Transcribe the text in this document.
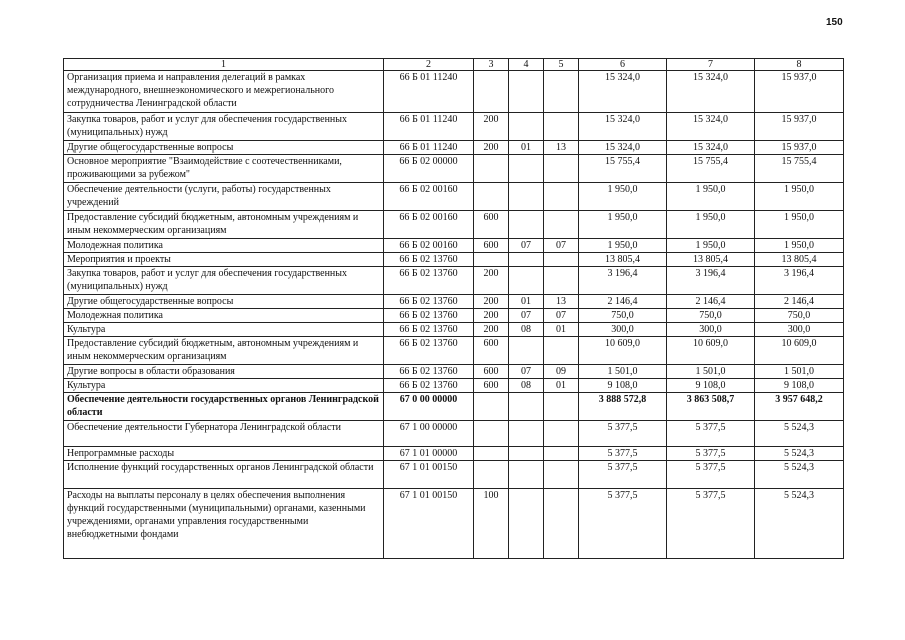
150
1	2	3	4	5	6	7	8
Организация приема и направления делегаций в рамках международного, внешнеэкономического и межрегионального сотрудничества Ленинградской области	66 Б 01 11240				15 324,0	15 324,0	15 937,0
Закупка товаров, работ и услуг для обеспечения государственных (муниципальных) нужд	66 Б 01 11240	200			15 324,0	15 324,0	15 937,0
Другие общегосударственные вопросы	66 Б 01 11240	200	01	13	15 324,0	15 324,0	15 937,0
Основное мероприятие "Взаимодействие с соотечественниками, проживающими за рубежом"	66 Б 02 00000				15 755,4	15 755,4	15 755,4
Обеспечение деятельности (услуги, работы) государственных учреждений	66 Б 02 00160				1 950,0	1 950,0	1 950,0
Предоставление субсидий бюджетным, автономным учреждениям и иным некоммерческим организациям	66 Б 02 00160	600			1 950,0	1 950,0	1 950,0
Молодежная политика	66 Б 02 00160	600	07	07	1 950,0	1 950,0	1 950,0
Мероприятия и проекты	66 Б 02 13760				13 805,4	13 805,4	13 805,4
Закупка товаров, работ и услуг для обеспечения государственных (муниципальных) нужд	66 Б 02 13760	200			3 196,4	3 196,4	3 196,4
Другие общегосударственные вопросы	66 Б 02 13760	200	01	13	2 146,4	2 146,4	2 146,4
Молодежная политика	66 Б 02 13760	200	07	07	750,0	750,0	750,0
Культура	66 Б 02 13760	200	08	01	300,0	300,0	300,0
Предоставление субсидий бюджетным, автономным учреждениям и иным некоммерческим организациям	66 Б 02 13760	600			10 609,0	10 609,0	10 609,0
Другие вопросы в области образования	66 Б 02 13760	600	07	09	1 501,0	1 501,0	1 501,0
Культура	66 Б 02 13760	600	08	01	9 108,0	9 108,0	9 108,0
Обеспечение деятельности государственных органов Ленинградской области	67 0 00 00000				3 888 572,8	3 863 508,7	3 957 648,2
Обеспечение деятельности Губернатора Ленинградской области	67 1 00 00000				5 377,5	5 377,5	5 524,3
Непрограммные расходы	67 1 01 00000				5 377,5	5 377,5	5 524,3
Исполнение функций государственных органов Ленинградской области	67 1 01 00150				5 377,5	5 377,5	5 524,3
Расходы на выплаты персоналу в целях обеспечения выполнения функций государственными (муниципальными) органами, казенными учреждениями, органами управления государственными внебюджетными фондами	67 1 01 00150	100			5 377,5	5 377,5	5 524,3
